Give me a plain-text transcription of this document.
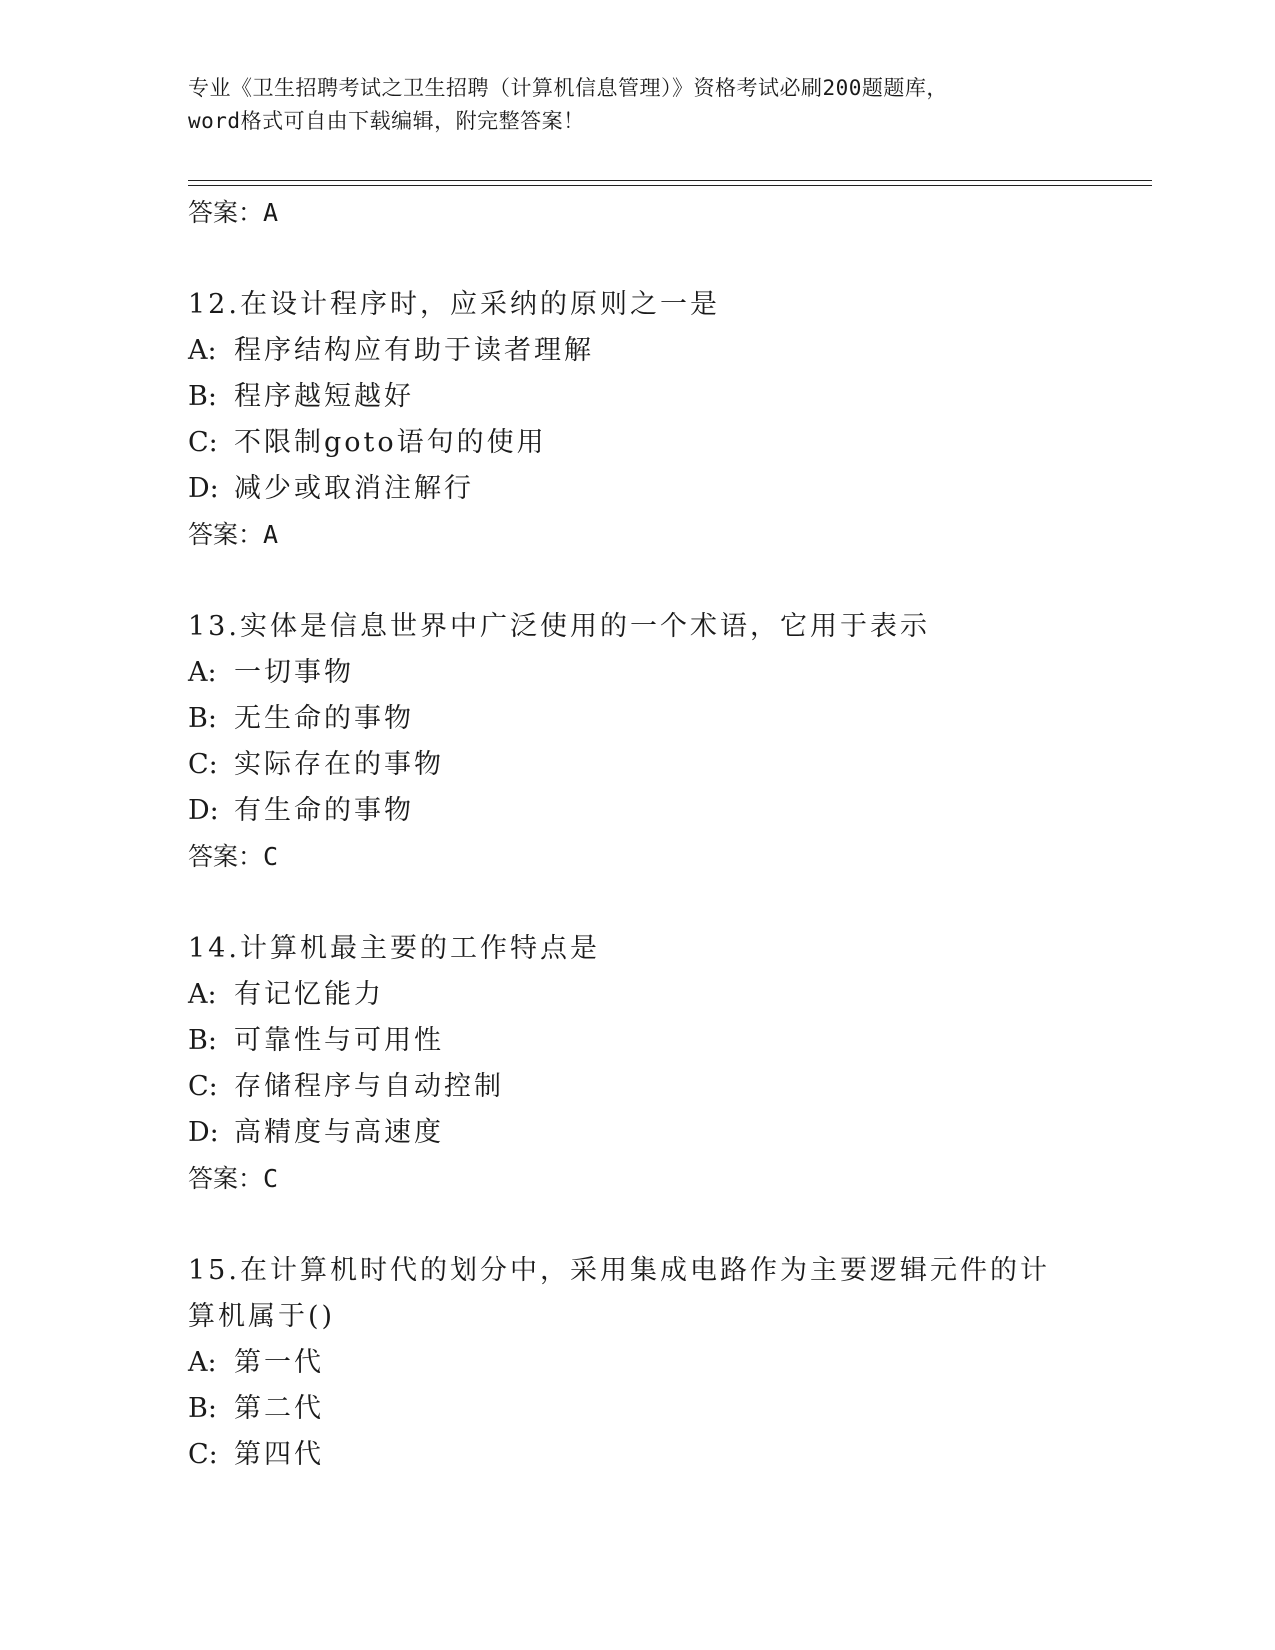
专业《卫生招聘考试之卫生招聘（计算机信息管理）》资格考试必刷200题题库，
word格式可自由下载编辑，附完整答案！
答案：A
12.在设计程序时，应采纳的原则之一是
A: 程序结构应有助于读者理解
B: 程序越短越好
C: 不限制goto语句的使用
D: 减少或取消注解行
答案：A
13.实体是信息世界中广泛使用的一个术语，它用于表示
A: 一切事物
B: 无生命的事物
C: 实际存在的事物
D: 有生命的事物
答案：C
14.计算机最主要的工作特点是
A: 有记忆能力
B: 可靠性与可用性
C: 存储程序与自动控制
D: 高精度与高速度
答案：C
15.在计算机时代的划分中，采用集成电路作为主要逻辑元件的计算机属于()
A: 第一代
B: 第二代
C: 第四代
